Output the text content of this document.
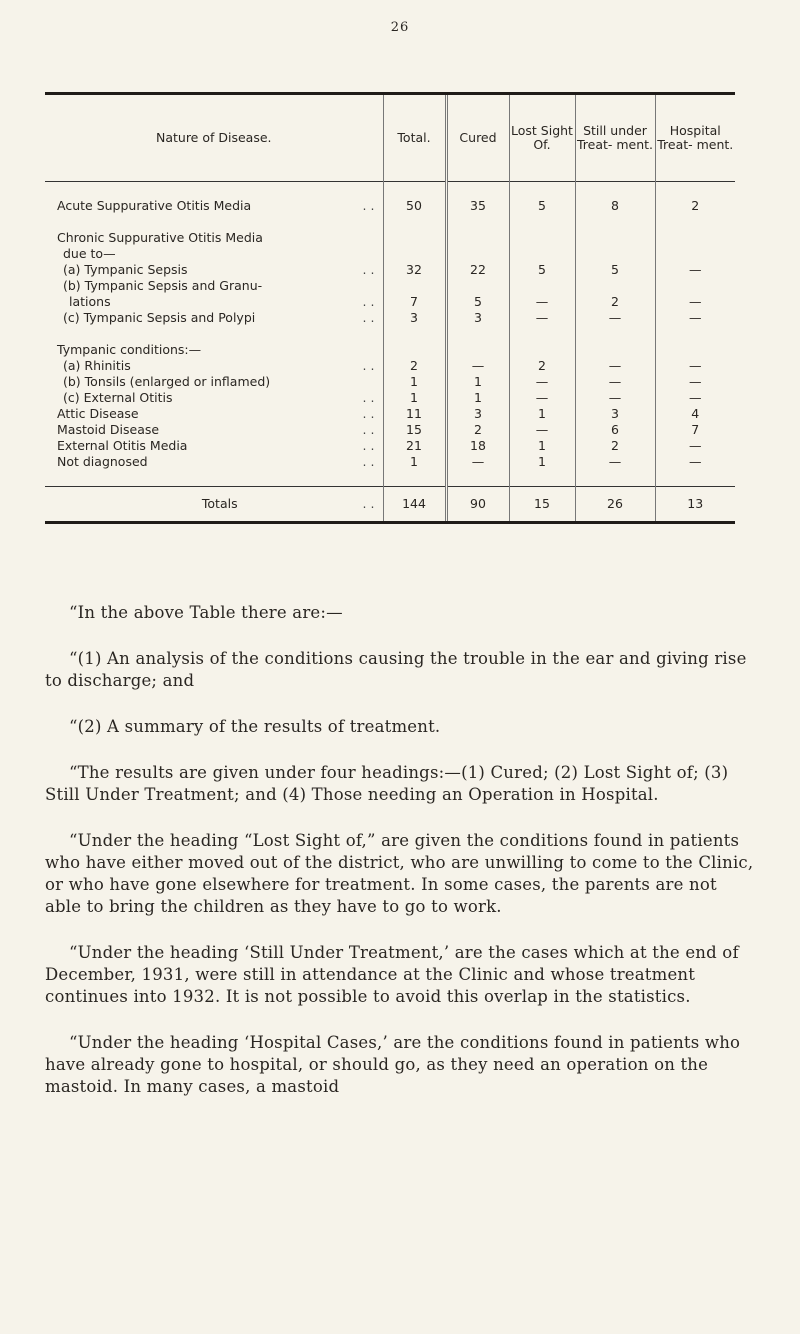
26
Nature of Disease.	Total.	Cured	Lost Sight Of.	Still under Treat- ment.	Hospital Treat- ment.

Acute Suppurative Otitis Media ..	50	35	5	8	2

Chronic Suppurative Otitis Media					
due to—					
(a) Tympanic Sepsis ..	32	22	5	5	—
(b) Tympanic Sepsis and Granu-					
lations ..	7	5	—	2	—
(c) Tympanic Sepsis and Polypi ..	3	3	—	—	—

Tympanic conditions:—					
(a) Rhinitis ..	2	—	2	—	—
(b) Tonsils (enlarged or inflamed)	1	1	—	—	—
(c) External Otitis ..	1	1	—	—	—
Attic Disease ..	11	3	1	3	4
Mastoid Disease ..	15	2	—	6	7
External Otitis Media ..	21	18	1	2	—
Not diagnosed ..	1	—	1	—	—

Totals ..	144	90	15	26	13

“In the above Table there are:—

“(1) An analysis of the conditions causing the trouble in the ear and giving rise to discharge; and

“(2) A summary of the results of treatment.

“The results are given under four headings:—(1) Cured; (2) Lost Sight of; (3) Still Under Treatment; and (4) Those needing an Operation in Hospital.

“Under the heading “Lost Sight of,” are given the conditions found in patients who have either moved out of the district, who are unwilling to come to the Clinic, or who have gone elsewhere for treatment. In some cases, the parents are not able to bring the children as they have to go to work.

“Under the heading ‘Still Under Treatment,’ are the cases which at the end of December, 1931, were still in attendance at the Clinic and whose treatment continues into 1932. It is not possible to avoid this overlap in the statistics.

“Under the heading ‘Hospital Cases,’ are the conditions found in patients who have already gone to hospital, or should go, as they need an operation on the mastoid. In many cases, a mastoid
